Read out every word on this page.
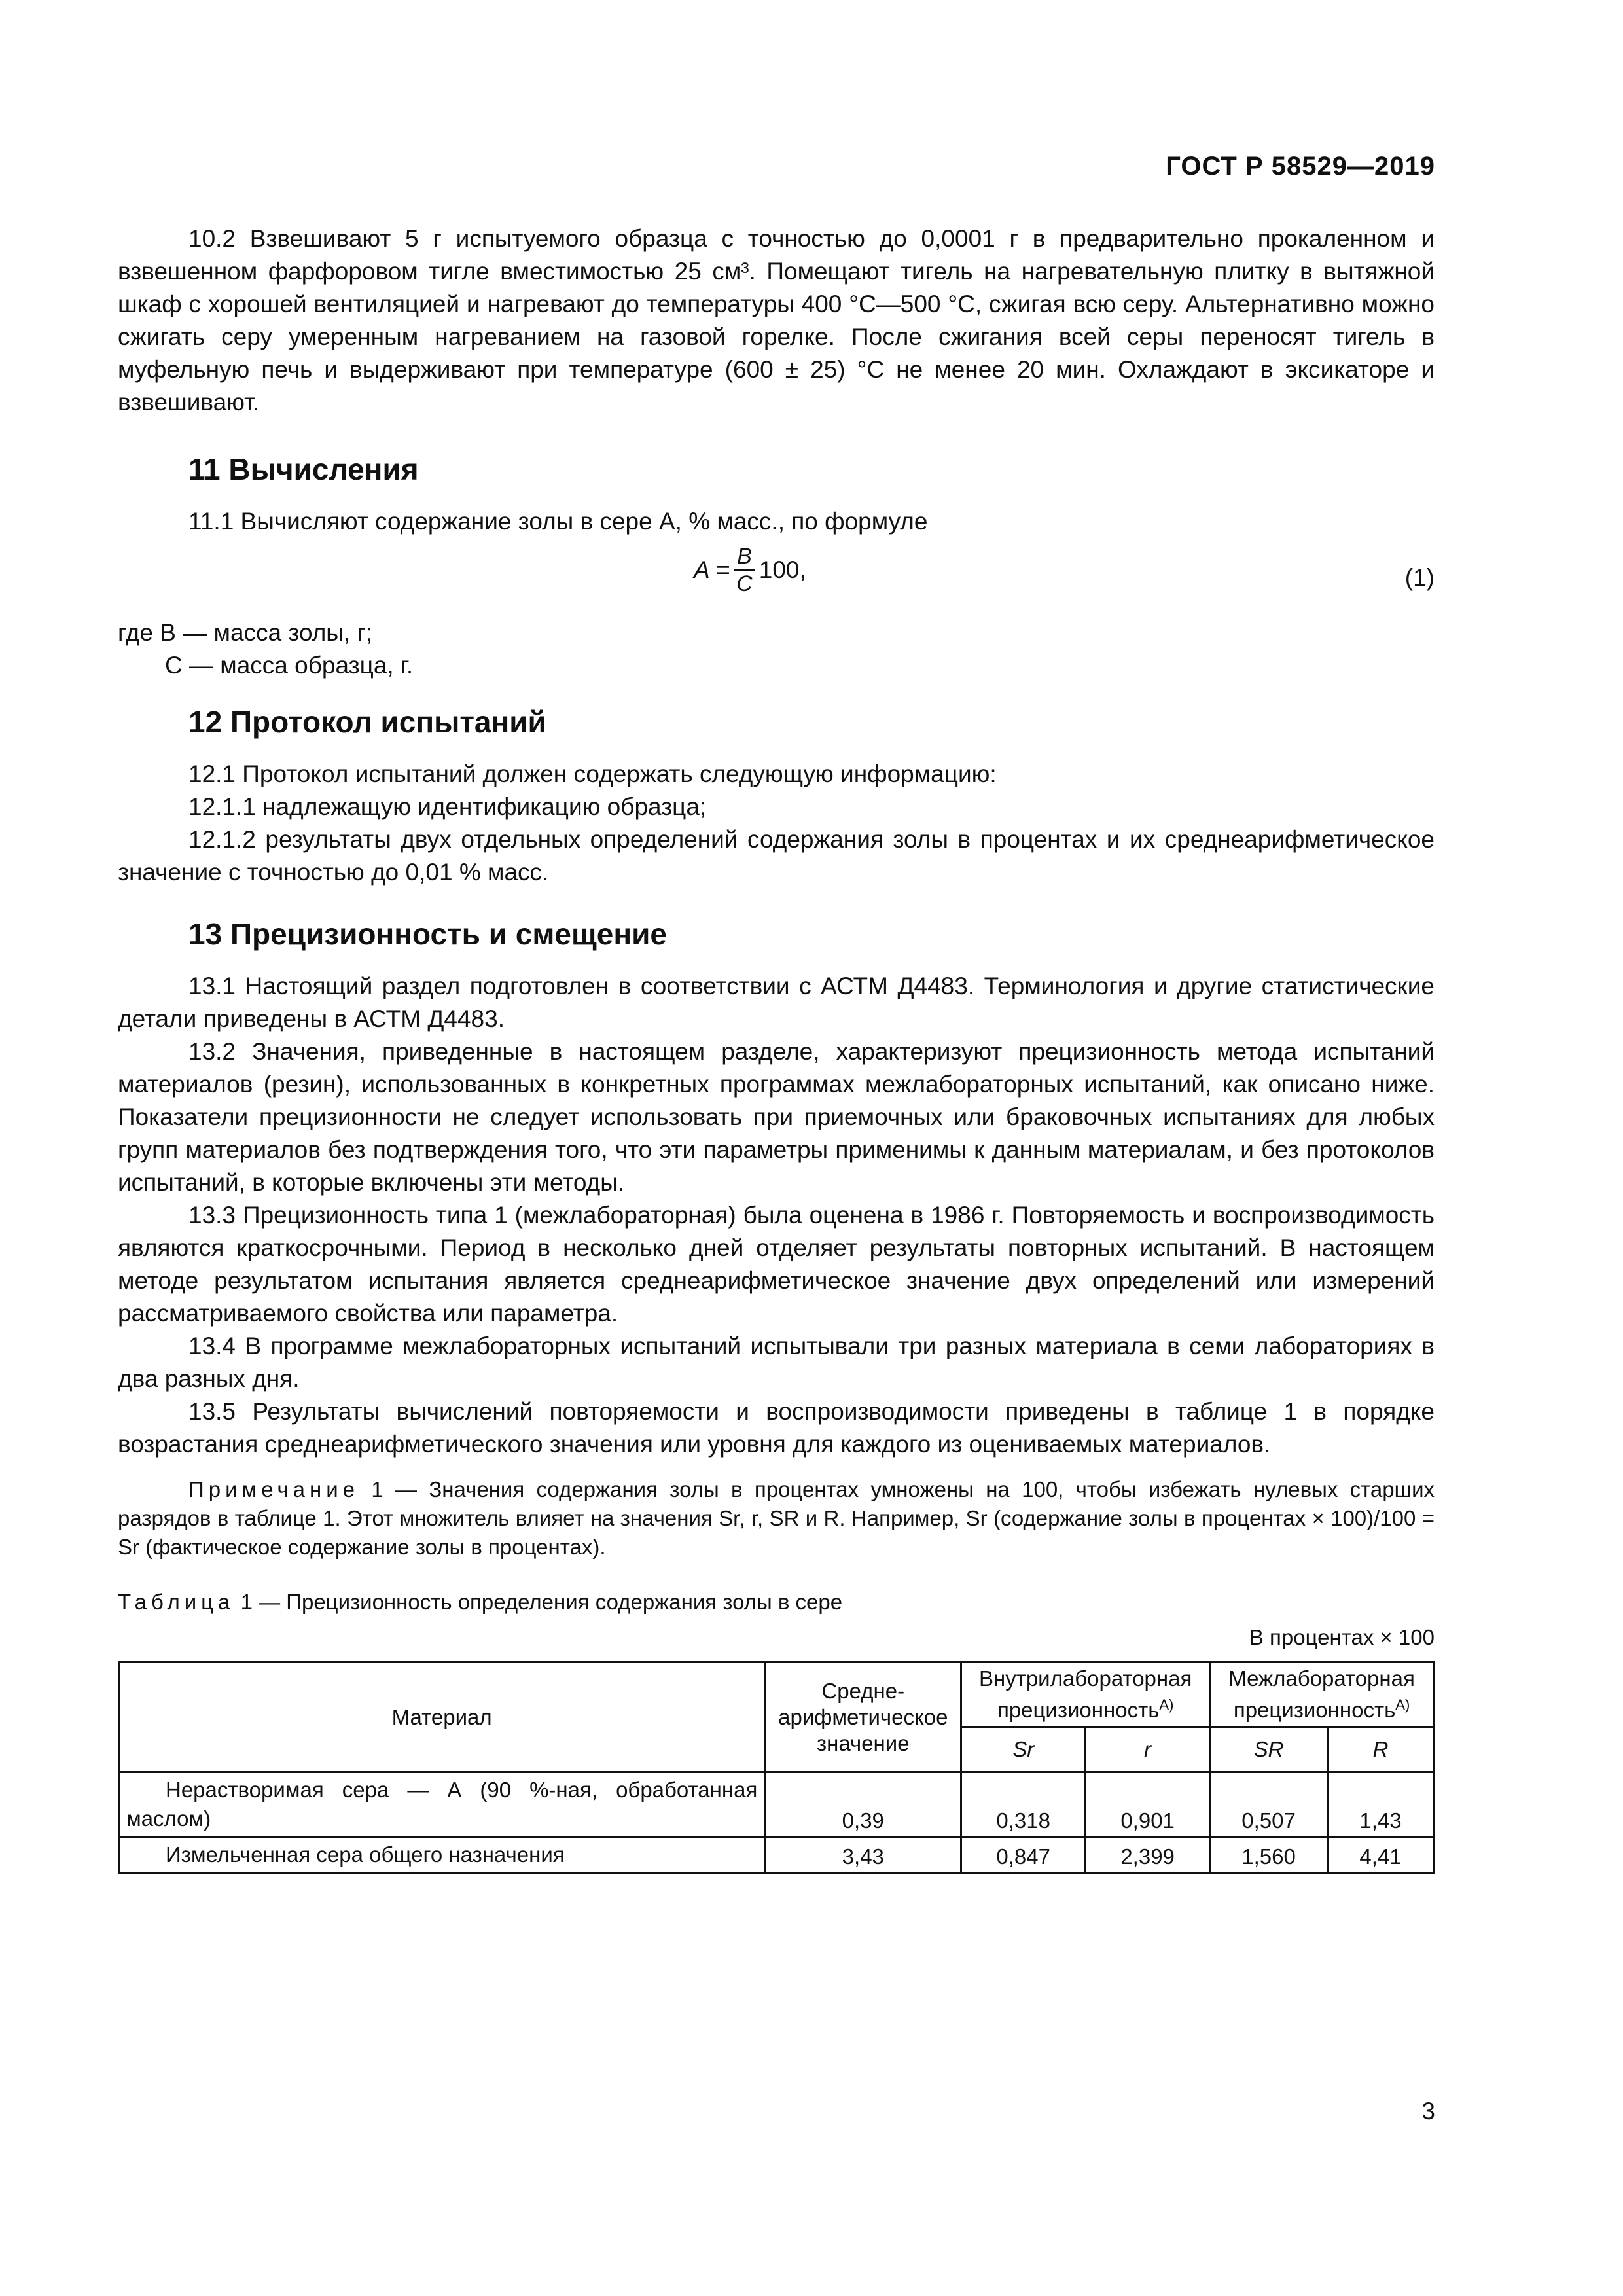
ГОСТ Р 58529—2019

10.2 Взвешивают 5 г испытуемого образца с точностью до 0,0001 г в предварительно прокаленном и взвешенном фарфоровом тигле вместимостью 25 см³. Помещают тигель на нагревательную плитку в вытяжной шкаф с хорошей вентиляцией и нагревают до температуры 400 °С—500 °С, сжигая всю серу. Альтернативно можно сжигать серу умеренным нагреванием на газовой горелке. После сжигания всей серы переносят тигель в муфельную печь и выдерживают при температуре (600 ± 25) °С не менее 20 мин. Охлаждают в эксикаторе и взвешивают.

11 Вычисления

11.1 Вычисляют содержание золы в сере A, % масс., по формуле

$A = \frac{B}{C} 100$,	(1)

где B — масса золы, г;

C — масса образца, г.

12 Протокол испытаний

12.1 Протокол испытаний должен содержать следующую информацию:

12.1.1 надлежащую идентификацию образца;

12.1.2 результаты двух отдельных определений содержания золы в процентах и их среднеарифметическое значение с точностью до 0,01 % масс.

13 Прецизионность и смещение

13.1 Настоящий раздел подготовлен в соответствии с АСТМ Д4483. Терминология и другие статистические детали приведены в АСТМ Д4483.

13.2 Значения, приведенные в настоящем разделе, характеризуют прецизионность метода испытаний материалов (резин), использованных в конкретных программах межлабораторных испытаний, как описано ниже. Показатели прецизионности не следует использовать при приемочных или браковочных испытаниях для любых групп материалов без подтверждения того, что эти параметры применимы к данным материалам, и без протоколов испытаний, в которые включены эти методы.

13.3 Прецизионность типа 1 (межлабораторная) была оценена в 1986 г. Повторяемость и воспроизводимость являются краткосрочными. Период в несколько дней отделяет результаты повторных испытаний. В настоящем методе результатом испытания является среднеарифметическое значение двух определений или измерений рассматриваемого свойства или параметра.

13.4 В программе межлабораторных испытаний испытывали три разных материала в семи лабораториях в два разных дня.

13.5 Результаты вычислений повторяемости и воспроизводимости приведены в таблице 1 в порядке возрастания среднеарифметического значения или уровня для каждого из оцениваемых материалов.

Примечание 1 — Значения содержания золы в процентах умножены на 100, чтобы избежать нулевых старших разрядов в таблице 1. Этот множитель влияет на значения Sr, r, SR и R. Например, Sr (содержание золы в процентах × 100)/100 = Sr (фактическое содержание золы в процентах).
Таблица 1 — Прецизионность определения содержания золы в сере
В процентах × 100
Материал	Средне-арифметическое значение	Внутрилабораторная прецизионность$^{А)}$		Межлабораторная прецизионность$^{А)}$
		Sr	r	SR	R
Нерастворимая сера — А (90 %-ная, обработанная маслом)	0,39	0,318	0,901	0,507	1,43
Измельченная сера общего назначения	3,43	0,847	2,399	1,560	4,41
3
